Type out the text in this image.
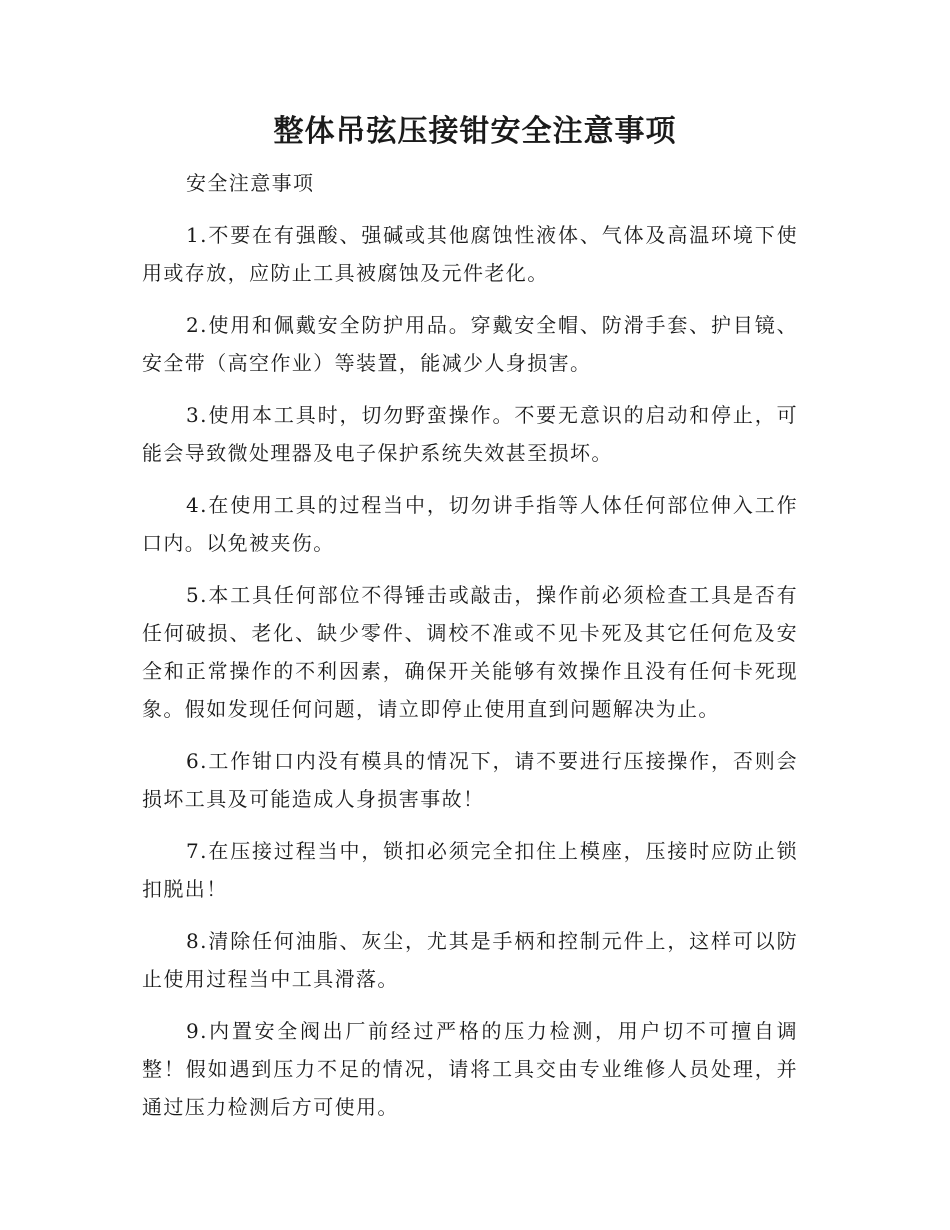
整体吊弦压接钳安全注意事项

安全注意事项

1.不要在有强酸、强碱或其他腐蚀性液体、气体及高温环境下使用或存放，应防止工具被腐蚀及元件老化。

2.使用和佩戴安全防护用品。穿戴安全帽、防滑手套、护目镜、安全带（高空作业）等装置，能减少人身损害。

3.使用本工具时，切勿野蛮操作。不要无意识的启动和停止，可能会导致微处理器及电子保护系统失效甚至损坏。

4.在使用工具的过程当中，切勿讲手指等人体任何部位伸入工作口内。以免被夹伤。

5.本工具任何部位不得锤击或敲击，操作前必须检查工具是否有任何破损、老化、缺少零件、调校不准或不见卡死及其它任何危及安全和正常操作的不利因素，确保开关能够有效操作且没有任何卡死现象。假如发现任何问题，请立即停止使用直到问题解决为止。

6.工作钳口内没有模具的情况下，请不要进行压接操作，否则会损坏工具及可能造成人身损害事故！

7.在压接过程当中，锁扣必须完全扣住上模座，压接时应防止锁扣脱出！

8.清除任何油脂、灰尘，尤其是手柄和控制元件上，这样可以防止使用过程当中工具滑落。

9.内置安全阀出厂前经过严格的压力检测，用户切不可擅自调整！假如遇到压力不足的情况，请将工具交由专业维修人员处理，并通过压力检测后方可使用。
